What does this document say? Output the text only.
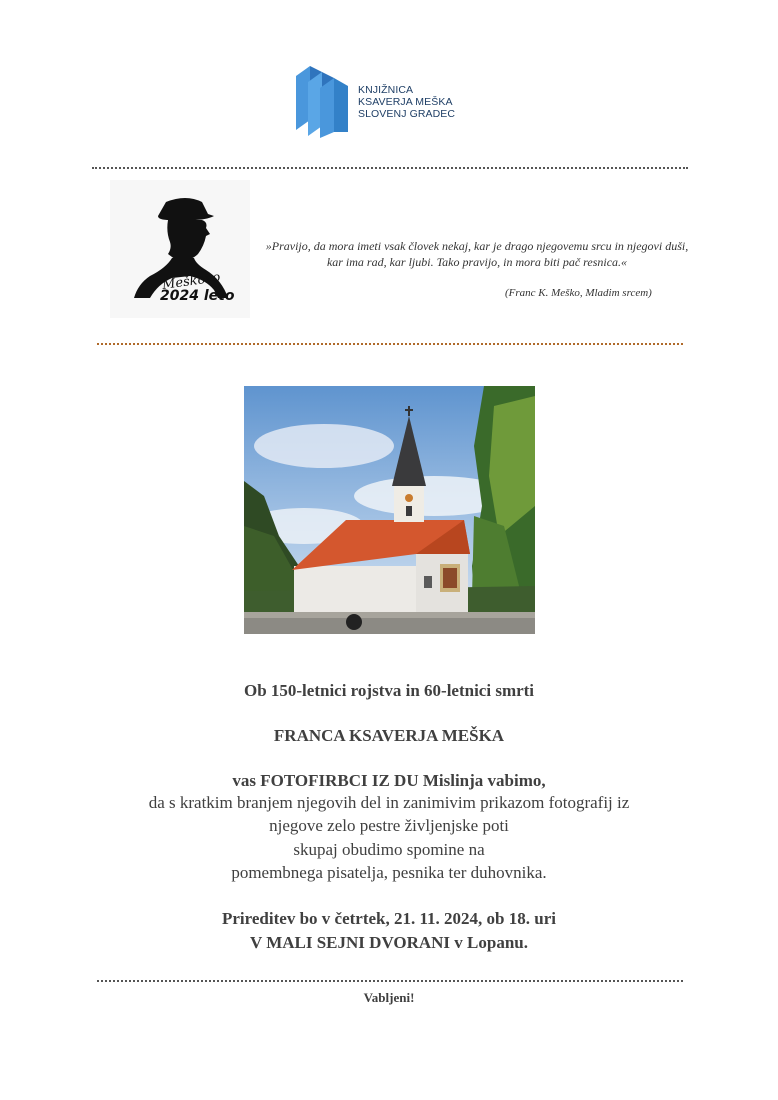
KNJIŽNICA
KSAVERJA MEŠKA
SLOVENJ GRADEC
Meškovo
2024 leto
»Pravijo, da mora imeti vsak človek nekaj, kar je drago njegovemu srcu in njegovi duši, kar ima rad, kar ljubi. Tako pravijo, in mora biti pač resnica.«
(Franc K. Meško, Mladim srcem)
Ob 150-letnici rojstva in 60-letnici smrti
FRANCA KSAVERJA MEŠKA
vas FOTOFIRBCI IZ DU Mislinja vabimo,
da s kratkim branjem njegovih del in zanimivim prikazom fotografij iz
njegove zelo pestre življenjske poti
skupaj obudimo spomine na
pomembnega pisatelja, pesnika ter duhovnika.
Prireditev bo v četrtek, 21. 11. 2024, ob 18. uri
V MALI SEJNI DVORANI v Lopanu.
Vabljeni!
